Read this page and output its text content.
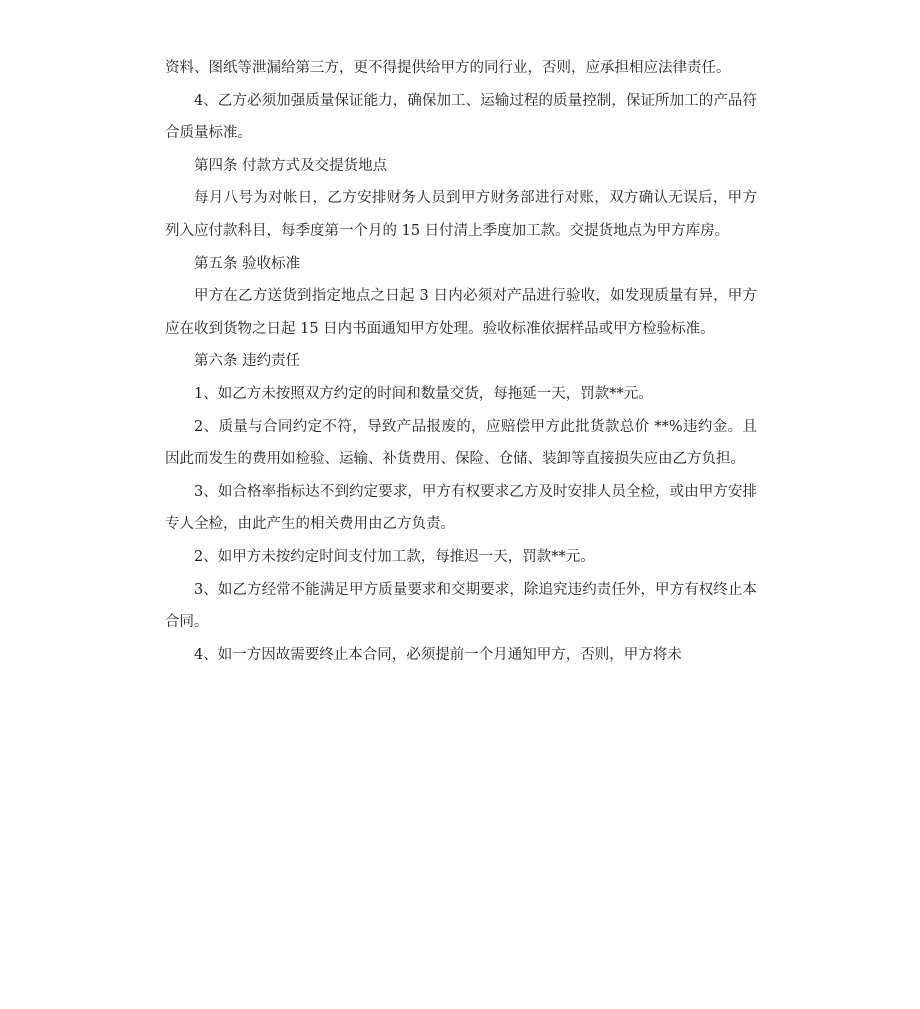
资料、图纸等泄漏给第三方，更不得提供给甲方的同行业，否则，应承担相应法律责任。

4、乙方必须加强质量保证能力，确保加工、运输过程的质量控制，保证所加工的产品符合质量标准。

第四条 付款方式及交提货地点

每月八号为对帐日，乙方安排财务人员到甲方财务部进行对账，双方确认无误后，甲方列入应付款科目，每季度第一个月的 15 日付清上季度加工款。交提货地点为甲方库房。

第五条 验收标准

甲方在乙方送货到指定地点之日起 3 日内必须对产品进行验收，如发现质量有异，甲方应在收到货物之日起 15 日内书面通知甲方处理。验收标准依据样品或甲方检验标准。

第六条 违约责任

1、如乙方未按照双方约定的时间和数量交货，每拖延一天，罚款**元。

2、质量与合同约定不符，导致产品报废的，应赔偿甲方此批货款总价 **%违约金。且因此而发生的费用如检验、运输、补货费用、保险、仓储、装卸等直接损失应由乙方负担。

3、如合格率指标达不到约定要求，甲方有权要求乙方及时安排人员全检，或由甲方安排专人全检，由此产生的相关费用由乙方负责。

2、如甲方未按约定时间支付加工款，每推迟一天，罚款**元。

3、如乙方经常不能满足甲方质量要求和交期要求，除追究违约责任外，甲方有权终止本合同。

4、如一方因故需要终止本合同，必须提前一个月通知甲方，否则，甲方将未
